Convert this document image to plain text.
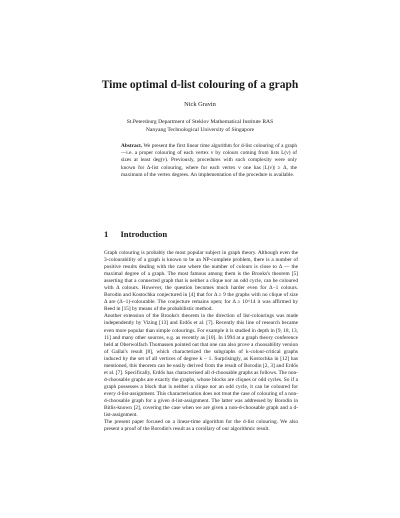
Time optimal d-list colouring of a graph
Nick Gravin
St.Petersburg Department of Steklov Mathematical Institute RAS
Nanyang Technological University of Singapore
Abstract. We present the first linear time algorithm for d-list colouring of a graph—i.e. a proper colouring of each vertex v by colours coming from lists L(v) of sizes at least deg(v). Previously, procedures with such complexity were only known for Δ-list colouring, where for each vertex v one has |L(v)| ≥ Δ, the maximum of the vertex degrees. An implementation of the procedure is available.
1 Introduction

Graph colouring is probably the most popular subject in graph theory. Although even the 3-colourability of a graph is known to be an NP-complete problem, there is a number of positive results dealing with the case where the number of colours is close to Δ — the maximal degree of a graph. The most famous among them is the Brooks's theorem [5] asserting that a connected graph that is neither a clique nor an odd cycle, can be coloured with Δ colours. However, the question becomes much harder even for Δ−1 colours. Borodin and Kostochka conjectured in [4] that for Δ ≥ 9 the graphs with no clique of size Δ are (Δ−1)-colourable. The conjecture remains open; for Δ ≥ 10^14 it was affirmed by Reed in [15] by means of the probabilistic method.

Another extension of the Brooks's theorem in the direction of list-colourings was made independently by Vizing [13] and Erdős et al. [7]. Recently this line of research became even more popular than simple colourings. For example it is studied in depth in [9, 18, 13, 11] and many other sources, e.g. as recently as [10]. In 1994 at a graph theory conference held at Oberwolfach Thomassen pointed out that one can also prove a choosability version of Gallai's result [8], which characterized the subgraphs of k-colour-critical graphs induced by the set of all vertices of degree k − 1. Surprisingly, as Kostochka in [12] has mentioned, this theorem can be easily derived from the result of Borodin [2, 3] and Erdős et al. [7]. Specifically, Erdős has characterised all d-choosable graphs as follows. The non-d-choosable graphs are exactly the graphs, whose blocks are cliques or odd cycles. So if a graph possesses a block that is neither a clique nor an odd cycle, it can be coloured for every d-list-assignment. This characterisation does not treat the case of colouring of a non-d-choosable graph for a given d-list-assignment. The latter was addressed by Borodin in Bitlis-known [2], covering the case when we are given a non-d-choosable graph and a d-list-assignment.

The present paper focused on a linear-time algorithm for the d-list colouring. We also present a proof of the Borodin's result as a corollary of our algorithmic result.
